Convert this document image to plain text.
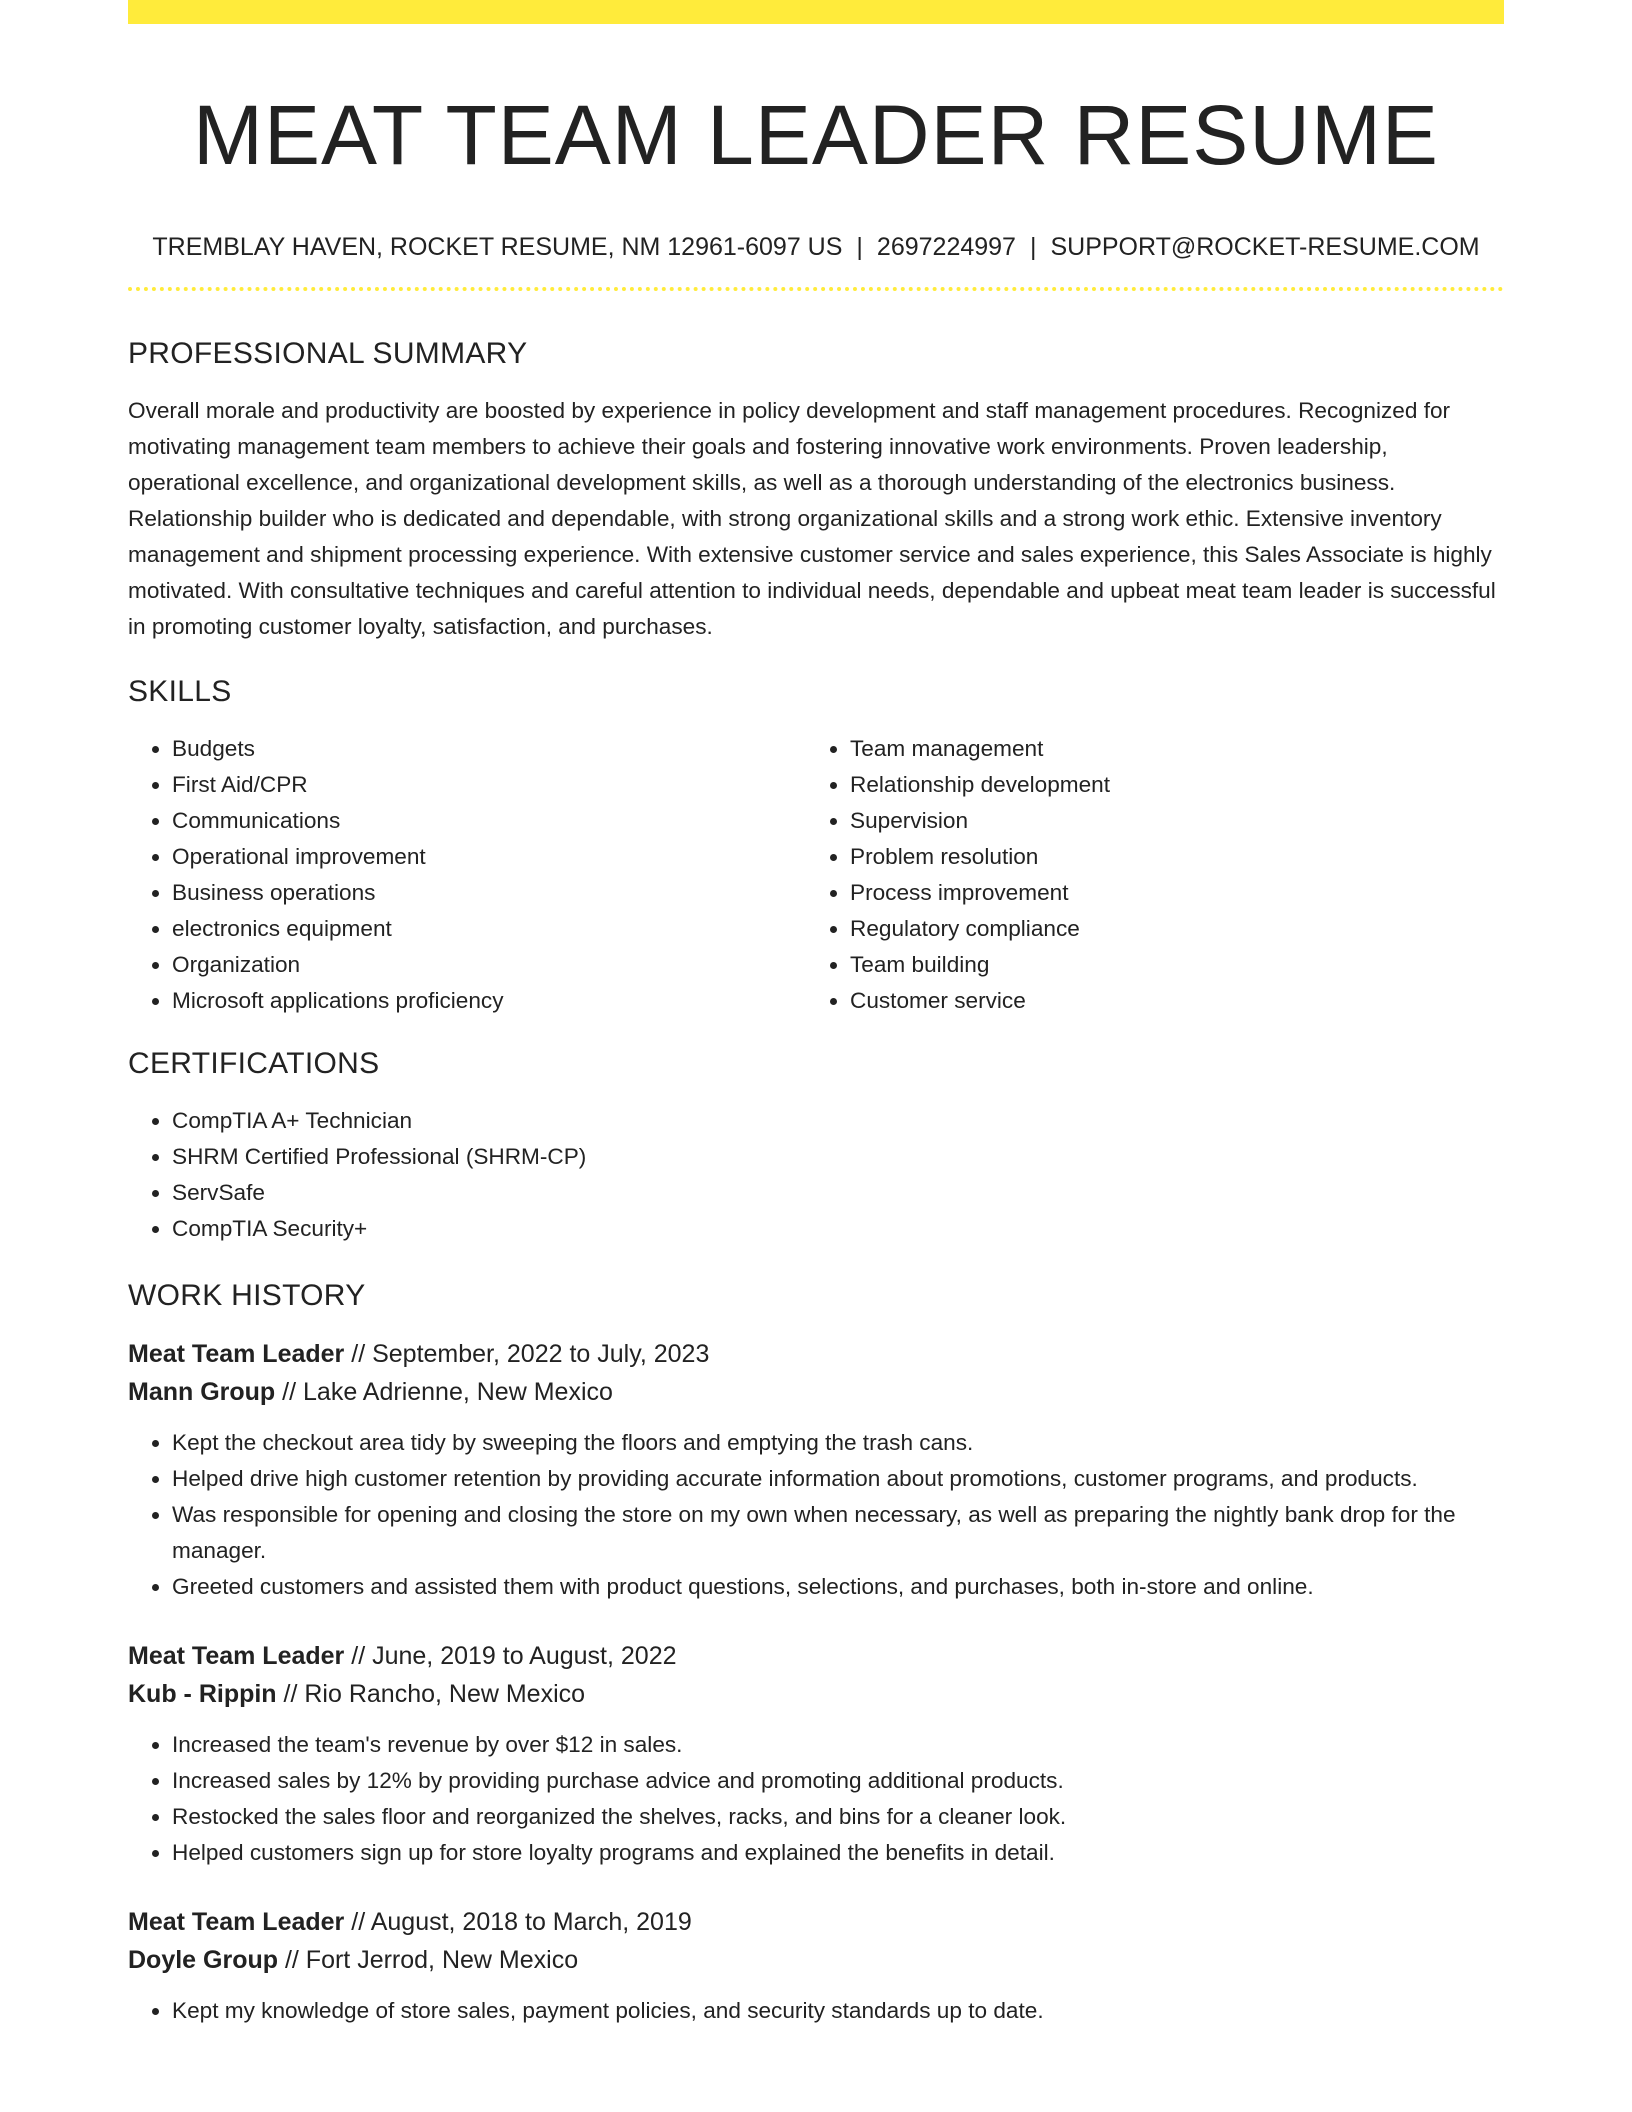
MEAT TEAM LEADER RESUME
TREMBLAY HAVEN, ROCKET RESUME, NM 12961-6097 US | 2697224997 | SUPPORT@ROCKET-RESUME.COM
PROFESSIONAL SUMMARY
Overall morale and productivity are boosted by experience in policy development and staff management procedures. Recognized for motivating management team members to achieve their goals and fostering innovative work environments. Proven leadership, operational excellence, and organizational development skills, as well as a thorough understanding of the electronics business. Relationship builder who is dedicated and dependable, with strong organizational skills and a strong work ethic. Extensive inventory management and shipment processing experience. With extensive customer service and sales experience, this Sales Associate is highly motivated. With consultative techniques and careful attention to individual needs, dependable and upbeat meat team leader is successful in promoting customer loyalty, satisfaction, and purchases.
SKILLS
• Budgets
• First Aid/CPR
• Communications
• Operational improvement
• Business operations
• electronics equipment
• Organization
• Microsoft applications proficiency
• Team management
• Relationship development
• Supervision
• Problem resolution
• Process improvement
• Regulatory compliance
• Team building
• Customer service
CERTIFICATIONS
• CompTIA A+ Technician
• SHRM Certified Professional (SHRM-CP)
• ServSafe
• CompTIA Security+
WORK HISTORY
Meat Team Leader // September, 2022 to July, 2023
Mann Group // Lake Adrienne, New Mexico
• Kept the checkout area tidy by sweeping the floors and emptying the trash cans.
• Helped drive high customer retention by providing accurate information about promotions, customer programs, and products.
• Was responsible for opening and closing the store on my own when necessary, as well as preparing the nightly bank drop for the manager.
• Greeted customers and assisted them with product questions, selections, and purchases, both in-store and online.
Meat Team Leader // June, 2019 to August, 2022
Kub - Rippin // Rio Rancho, New Mexico
• Increased the team's revenue by over $12 in sales.
• Increased sales by 12% by providing purchase advice and promoting additional products.
• Restocked the sales floor and reorganized the shelves, racks, and bins for a cleaner look.
• Helped customers sign up for store loyalty programs and explained the benefits in detail.
Meat Team Leader // August, 2018 to March, 2019
Doyle Group // Fort Jerrod, New Mexico
• Kept my knowledge of store sales, payment policies, and security standards up to date.
